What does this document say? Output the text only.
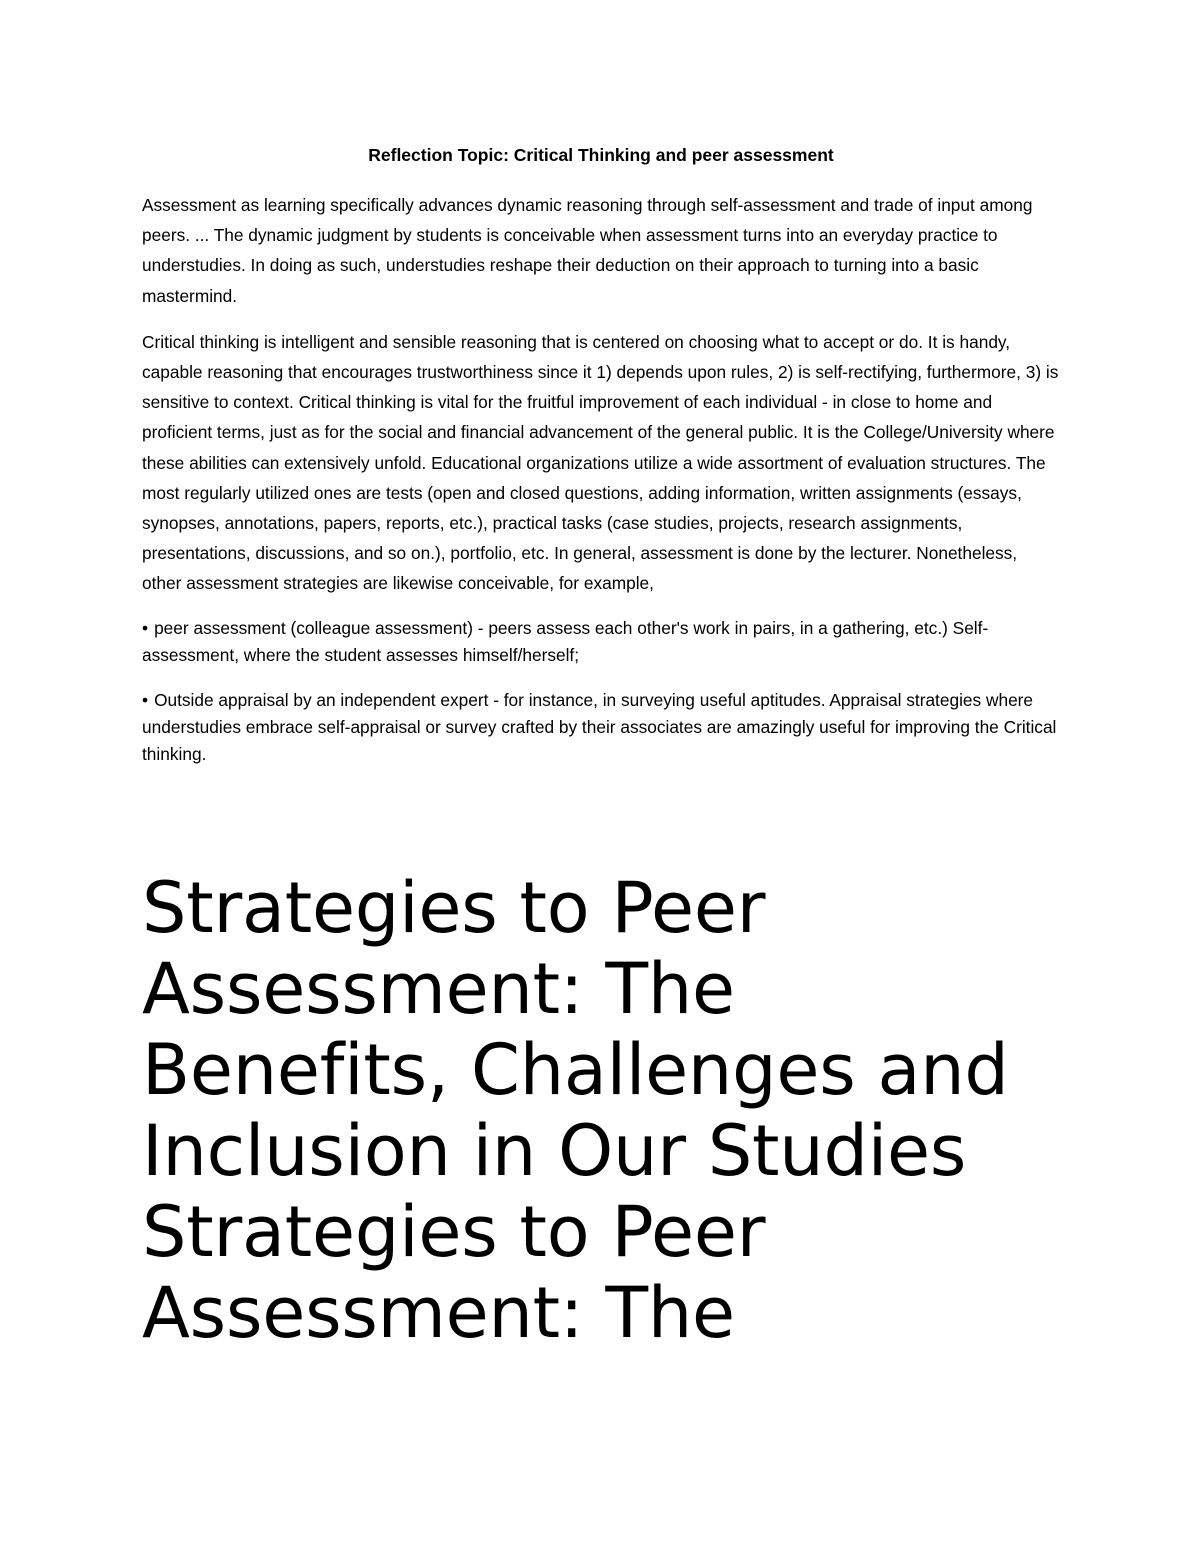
Reflection Topic: Critical Thinking and peer assessment

Assessment as learning specifically advances dynamic reasoning through self-assessment and trade of input among peers. ... The dynamic judgment by students is conceivable when assessment turns into an everyday practice to understudies. In doing as such, understudies reshape their deduction on their approach to turning into a basic mastermind.

Critical thinking is intelligent and sensible reasoning that is centered on choosing what to accept or do. It is handy, capable reasoning that encourages trustworthiness since it 1) depends upon rules, 2) is self-rectifying, furthermore, 3) is sensitive to context. Critical thinking is vital for the fruitful improvement of each individual - in close to home and proficient terms, just as for the social and financial advancement of the general public. It is the College/University where these abilities can extensively unfold. Educational organizations utilize a wide assortment of evaluation structures. The most regularly utilized ones are tests (open and closed questions, adding information, written assignments (essays, synopses, annotations, papers, reports, etc.), practical tasks (case studies, projects, research assignments, presentations, discussions, and so on.), portfolio, etc. In general, assessment is done by the lecturer. Nonetheless, other assessment strategies are likewise conceivable, for example,

• peer assessment (colleague assessment) - peers assess each other's work in pairs, in a gathering, etc.) Self-assessment, where the student assesses himself/herself;
• Outside appraisal by an independent expert - for instance, in surveying useful aptitudes. Appraisal strategies where understudies embrace self-appraisal or survey crafted by their associates are amazingly useful for improving the Critical thinking.
Strategies to Peer
Assessment: The
Benefits, Challenges and
Inclusion in Our Studies
Strategies to Peer
Assessment: The
